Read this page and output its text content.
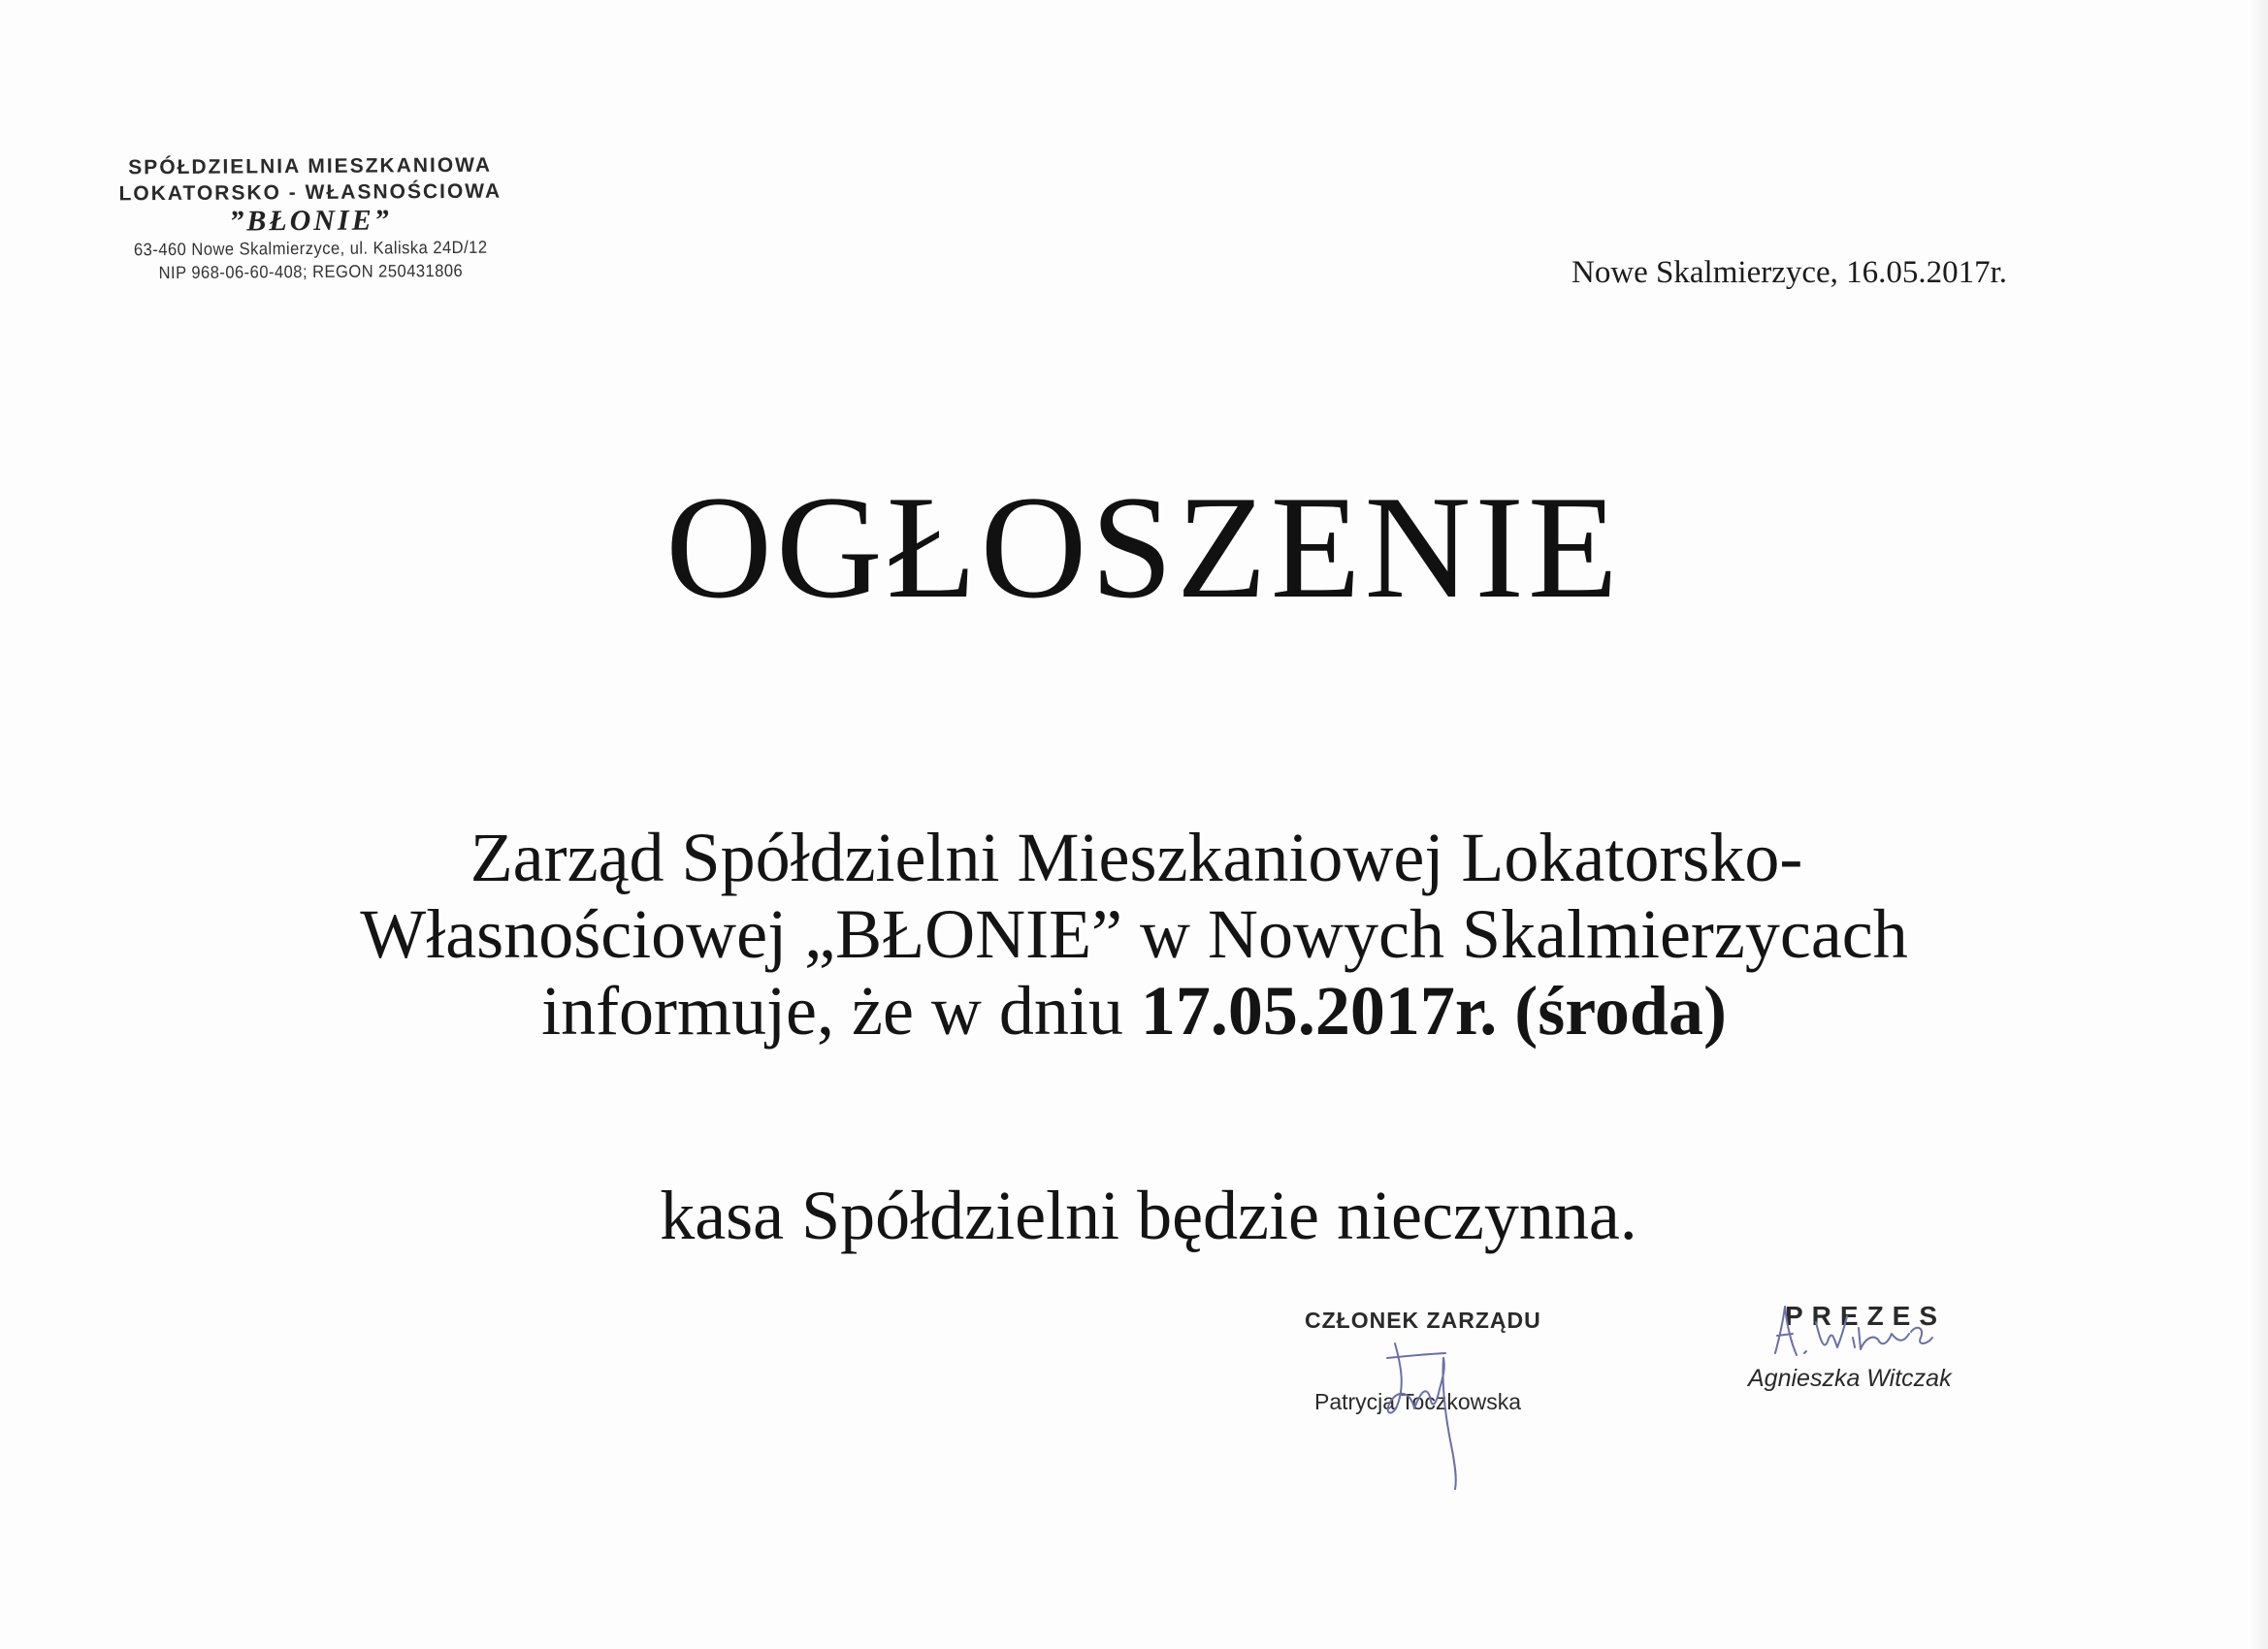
SPÓŁDZIELNIA MIESZKANIOWA
LOKATORSKO - WŁASNOŚCIOWA
”BŁONIE”
63-460 Nowe Skalmierzyce, ul. Kaliska 24D/12
NIP 968-06-60-408; REGON 250431806	Nowe Skalmierzyce, 16.05.2017r.
OGŁOSZENIE
Zarząd Spółdzielni Mieszkaniowej Lokatorsko-
Własnościowej „BŁONIE” w Nowych Skalmierzycach
informuje, że w dniu 17.05.2017r. (środa)
kasa Spółdzielni będzie nieczynna.
CZŁONEK ZARZĄDU
Patrycja Toczkowska
PREZES
Agnieszka Witczak
